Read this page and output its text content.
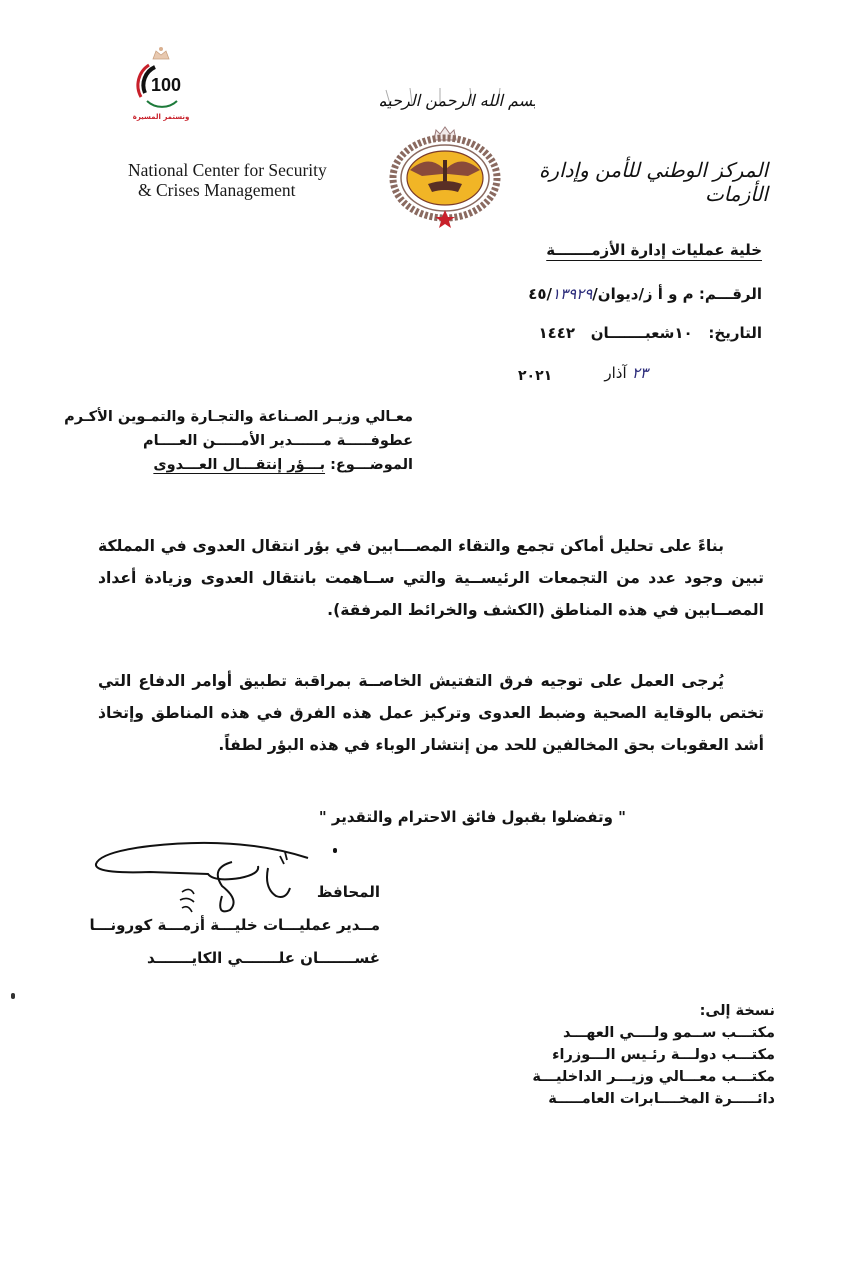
100
ونستمر المسيرة
بسم الله الرحمن الرحيم
National Center for Security
& Crises Management
المركز الوطني للأمن وإدارة الأزمات
خلية عمليات إدارة الأزمـــــــة
الرقـــم: م و أ ز/ديوان/٤٥/١٣٩٢٩
التاريخ:   ١٠شعبـــــــان   ١٤٤٢
٢٣ آذار
٢٠٢١
معـالي وزيـر الصـناعة والتجـارة والتمـوين الأكـرم
عطوفـــــة مــــــدير الأمـــــن العــــام
الموضـــوع: بـــؤر إنتقـــال العـــدوى
بناءً على تحليل أماكن تجمع والتقاء المصـــابين في بؤر انتقال العدوى في المملكة تبين وجود عدد من التجمعات الرئيســية والتي ســاهمت بانتقال العدوى وزيادة أعداد المصــابين في هذه المناطق (الكشف والخرائط المرفقة).
يُرجى العمل على توجيه فرق التفتيش الخاصــة بمراقبة تطبيق أوامر الدفاع التي تختص بالوقاية الصحية وضبط العدوى وتركيز عمل هذه الفرق في هذه المناطق وإتخاذ أشد العقوبات بحق المخالفين للحد من إنتشار الوباء في هذه البؤر لطفاً.
" وتفضلوا بقبول فائق الاحترام والتقدير "
المحافظ
مــدير عمليـــات خليـــة أزمـــة كورونـــا
غســـــــان علـــــــي الكايـــــــد
نسخة إلى:
مكتـــب ســمو ولــــي العهـــد
مكتـــب دولـــة رئـيس الـــوزراء
مكتـــب معـــالي وزيـــر الداخليـــة
دائـــــرة المخــــابرات العامـــــة
